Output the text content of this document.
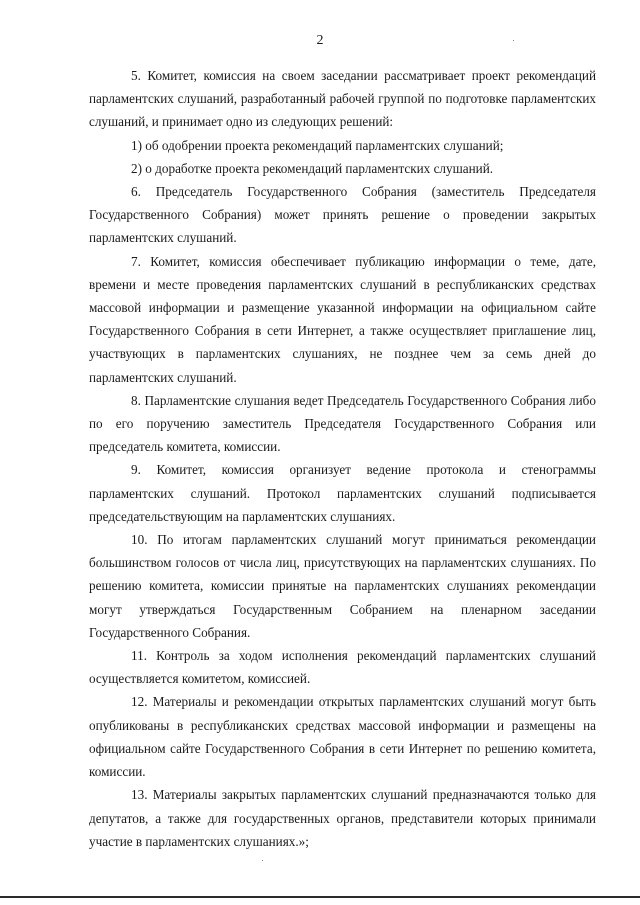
2

5. Комитет, комиссия на своем заседании рассматривает проект рекомендаций парламентских слушаний, разработанный рабочей группой по подготовке парламентских слушаний, и принимает одно из следующих решений:

1) об одобрении проекта рекомендаций парламентских слушаний;

2) о доработке проекта рекомендаций парламентских слушаний.

6. Председатель Государственного Собрания (заместитель Председателя Государственного Собрания) может принять решение о проведении закрытых парламентских слушаний.

7. Комитет, комиссия обеспечивает публикацию информации о теме, дате, времени и месте проведения парламентских слушаний в республиканских средствах массовой информации и размещение указанной информации на официальном сайте Государственного Собрания в сети Интернет, а также осуществляет приглашение лиц, участвующих в парламентских слушаниях, не позднее чем за семь дней до парламентских слушаний.

8. Парламентские слушания ведет Председатель Государственного Собрания либо по его поручению заместитель Председателя Государственного Собрания или председатель комитета, комиссии.

9. Комитет, комиссия организует ведение протокола и стенограммы парламентских слушаний. Протокол парламентских слушаний подписывается председательствующим на парламентских слушаниях.

10. По итогам парламентских слушаний могут приниматься рекомендации большинством голосов от числа лиц, присутствующих на парламентских слушаниях. По решению комитета, комиссии принятые на парламентских слушаниях рекомендации могут утверждаться Государственным Собранием на пленарном заседании Государственного Собрания.

11. Контроль за ходом исполнения рекомендаций парламентских слушаний осуществляется комитетом, комиссией.

12. Материалы и рекомендации открытых парламентских слушаний могут быть опубликованы в республиканских средствах массовой информации и размещены на официальном сайте Государственного Собрания в сети Интернет по решению комитета, комиссии.

13. Материалы закрытых парламентских слушаний предназначаются только для депутатов, а также для государственных органов, представители которых принимали участие в парламентских слушаниях.»;
